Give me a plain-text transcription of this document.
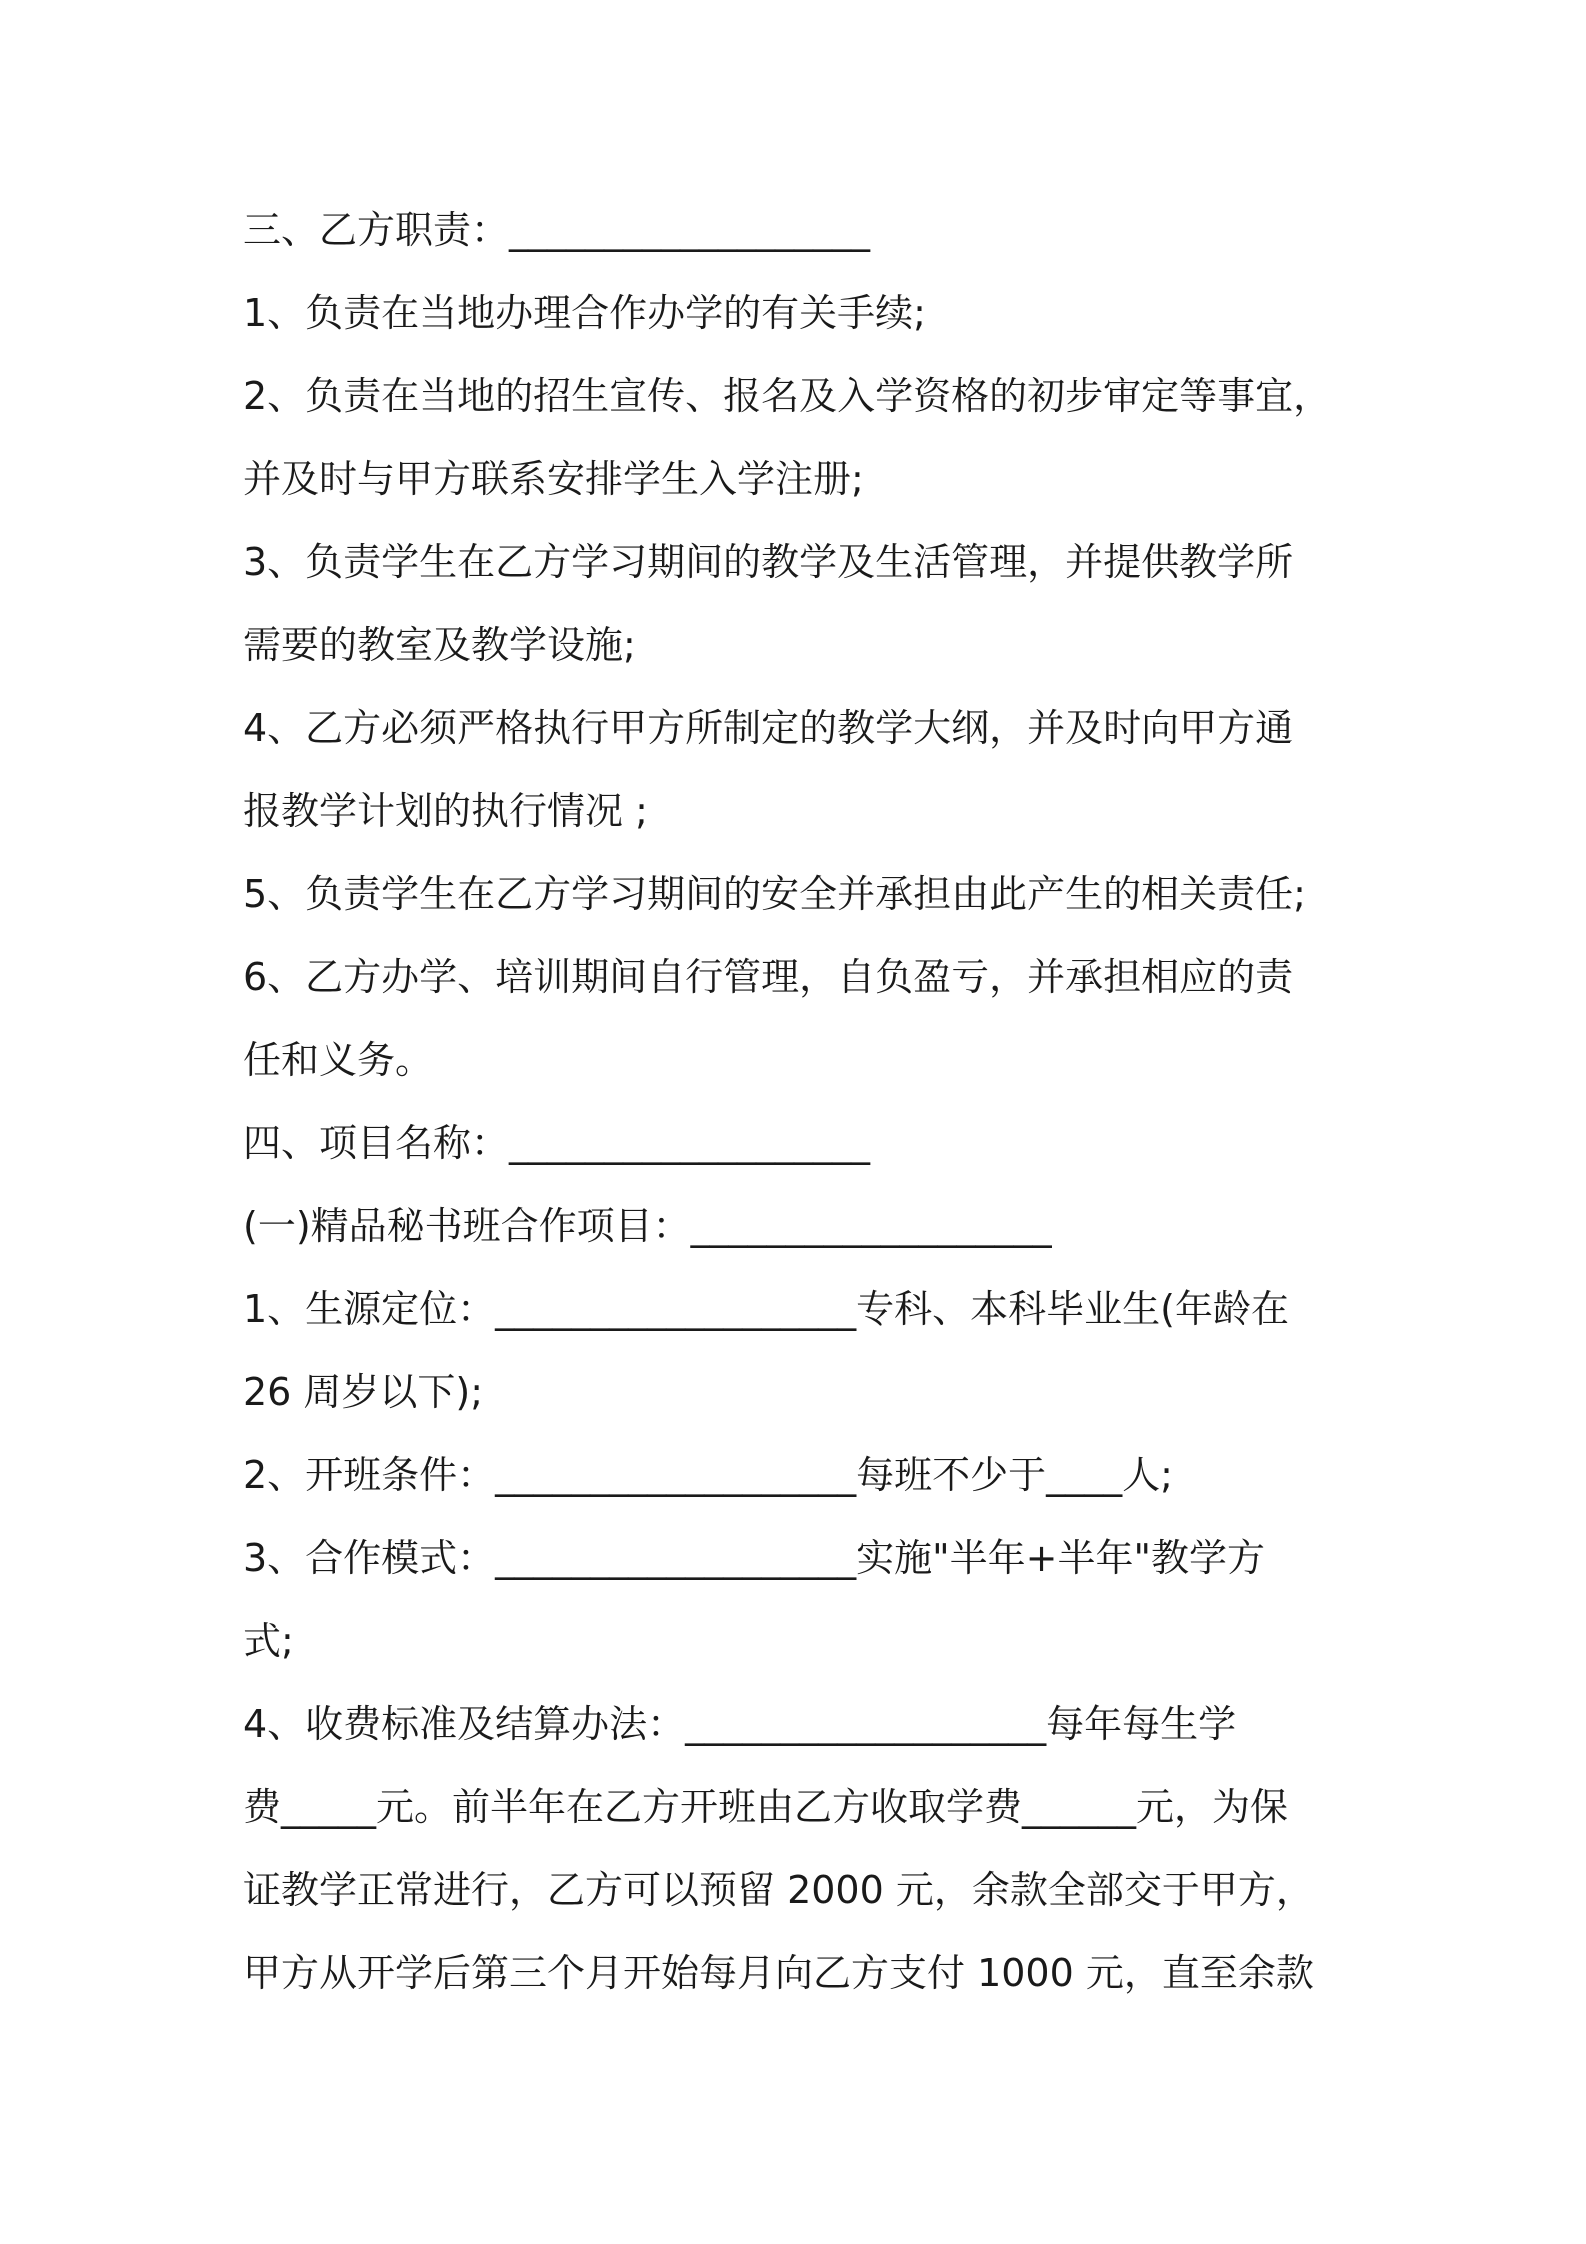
三、乙方职责：___________________
1、负责在当地办理合作办学的有关手续;
2、负责在当地的招生宣传、报名及入学资格的初步审定等事宜，
并及时与甲方联系安排学生入学注册;
3、负责学生在乙方学习期间的教学及生活管理，并提供教学所
需要的教室及教学设施;
4、乙方必须严格执行甲方所制定的教学大纲，并及时向甲方通
报教学计划的执行情况 ;
5、负责学生在乙方学习期间的安全并承担由此产生的相关责任;
6、乙方办学、培训期间自行管理，自负盈亏，并承担相应的责
任和义务。
四、项目名称：___________________
(一)精品秘书班合作项目：___________________
1、生源定位：___________________专科、本科毕业生(年龄在
26 周岁以下);
2、开班条件：___________________每班不少于____人;
3、合作模式：___________________实施"半年+半年"教学方
式;
4、收费标准及结算办法：___________________每年每生学
费_____元。前半年在乙方开班由乙方收取学费______元，为保
证教学正常进行，乙方可以预留 2000 元，余款全部交于甲方，
甲方从开学后第三个月开始每月向乙方支付 1000 元，直至余款
